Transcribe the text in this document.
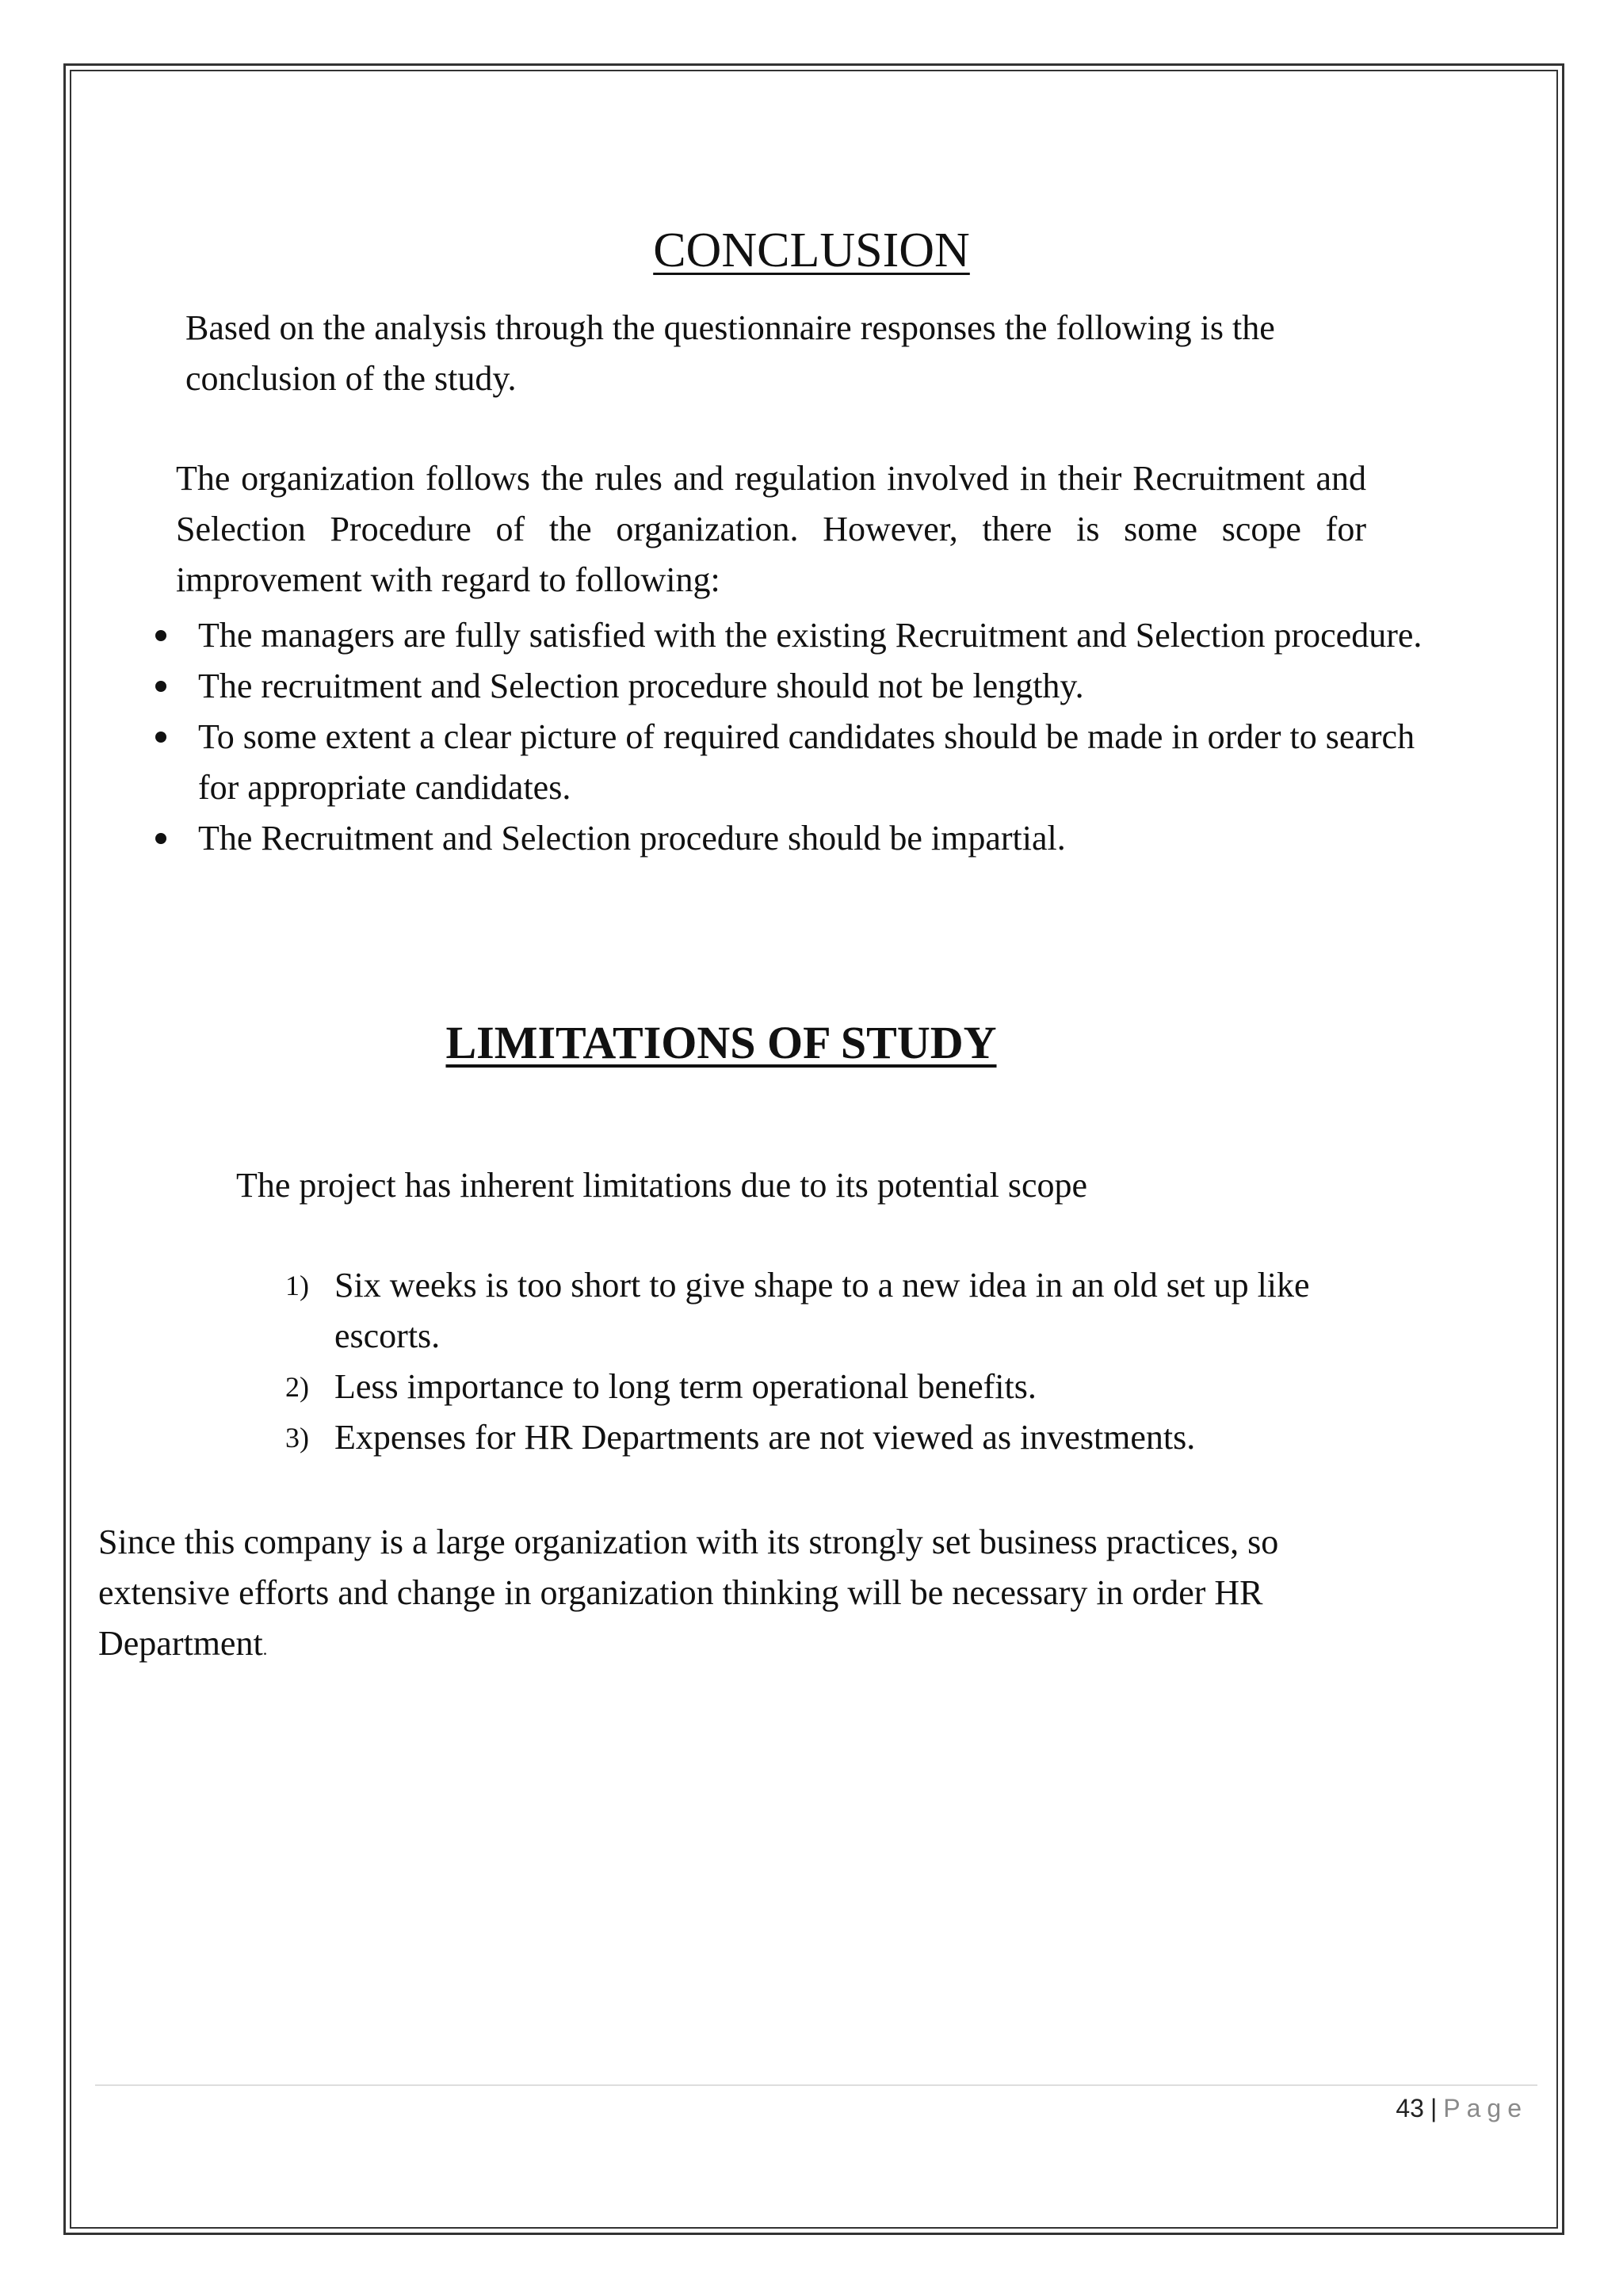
CONCLUSION
Based on the analysis through the questionnaire responses the following is the conclusion of the study.
The organization follows the rules and regulation involved in their Recruitment and Selection Procedure of the organization. However, there is some scope for improvement with regard to following:
The managers are fully satisfied with the existing Recruitment and Selection procedure.
The recruitment and Selection procedure should not be lengthy.
To some extent a clear picture of required candidates should be made in order to search for appropriate candidates.
The Recruitment and Selection procedure should be impartial.
LIMITATIONS OF STUDY
The project has inherent limitations due to its potential scope
1) Six weeks is too short to give shape to a new idea in an old set up like escorts.
2) Less importance to long term operational benefits.
3) Expenses for HR Departments are not viewed as investments.
Since this company is a large organization with its strongly set business practices, so extensive efforts and change in organization thinking will be necessary in order HR Department.
43 | Page
